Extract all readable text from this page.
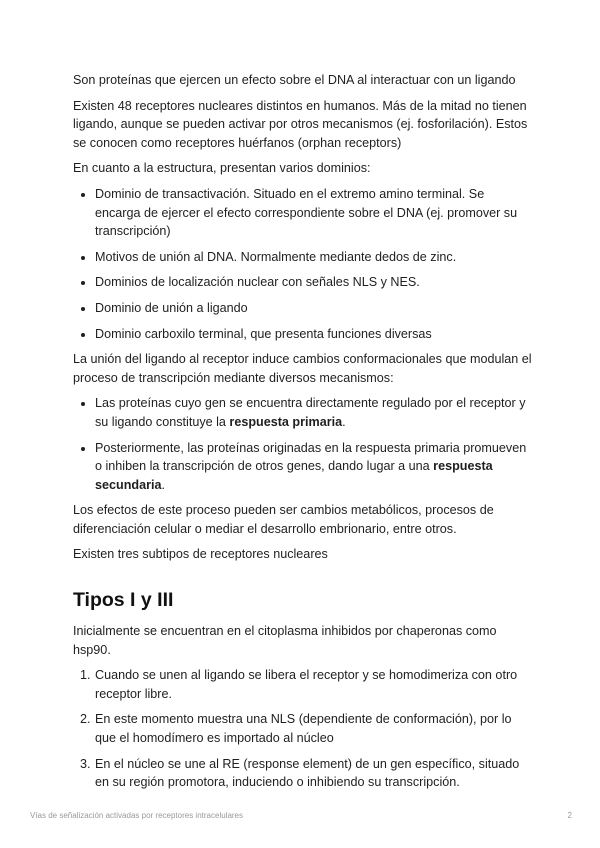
Son proteínas que ejercen un efecto sobre el DNA al interactuar con un ligando

Existen 48 receptores nucleares distintos en humanos. Más de la mitad no tienen ligando, aunque se pueden activar por otros mecanismos (ej. fosforilación). Estos se conocen como receptores huérfanos (orphan receptors)

En cuanto a la estructura, presentan varios dominios:

• Dominio de transactivación. Situado en el extremo amino terminal. Se encarga de ejercer el efecto correspondiente sobre el DNA (ej. promover su transcripción)
• Motivos de unión al DNA. Normalmente mediante dedos de zinc.
• Dominios de localización nuclear con señales NLS y NES.
• Dominio de unión a ligando
• Dominio carboxilo terminal, que presenta funciones diversas

La unión del ligando al receptor induce cambios conformacionales que modulan el proceso de transcripción mediante diversos mecanismos:

• Las proteínas cuyo gen se encuentra directamente regulado por el receptor y su ligando constituye la respuesta primaria.
• Posteriormente, las proteínas originadas en la respuesta primaria promueven o inhiben la transcripción de otros genes, dando lugar a una respuesta secundaria.

Los efectos de este proceso pueden ser cambios metabólicos, procesos de diferenciación celular o mediar el desarrollo embrionario, entre otros.

Existen tres subtipos de receptores nucleares

Tipos I y III

Inicialmente se encuentran en el citoplasma inhibidos por chaperonas como hsp90.

1. Cuando se unen al ligando se libera el receptor y se homodimeriza con otro receptor libre.
2. En este momento muestra una NLS (dependiente de conformación), por lo que el homodímero es importado al núcleo
3. En el núcleo se une al RE (response element) de un gen específico, situado en su región promotora, induciendo o inhibiendo su transcripción.
Vías de señalización activadas por receptores intracelulares	2
